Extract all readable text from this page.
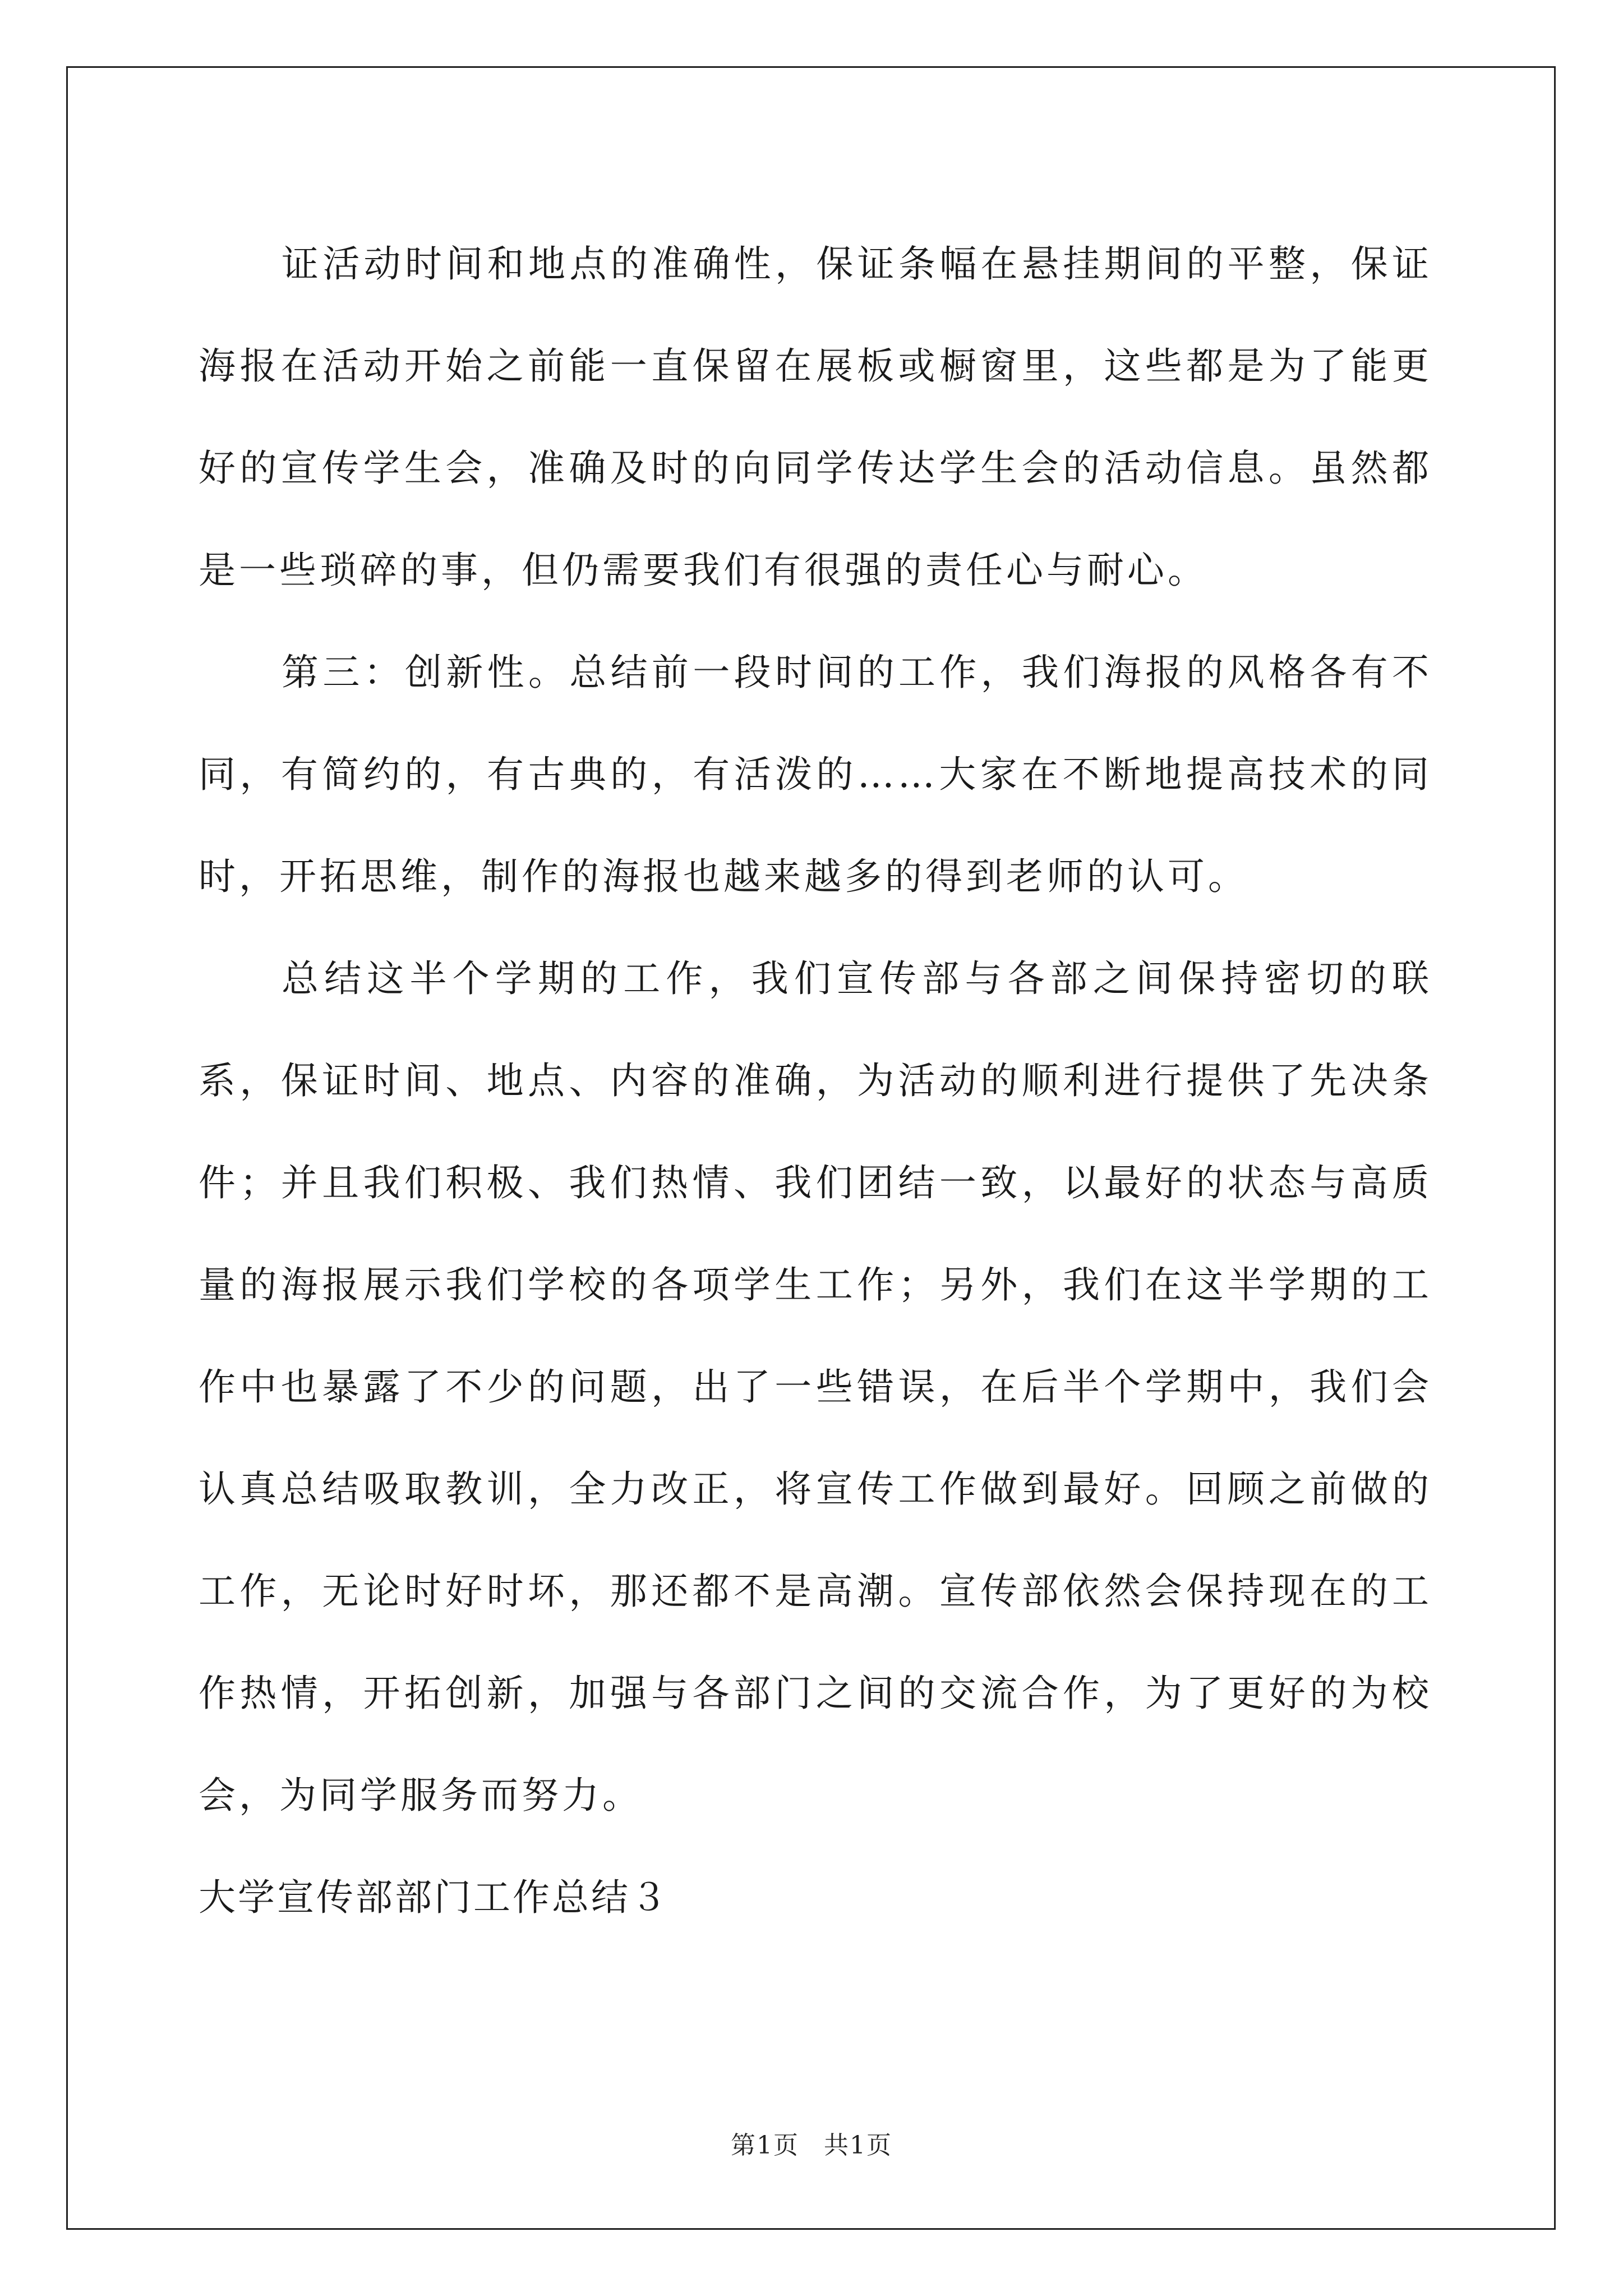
证活动时间和地点的准确性，保证条幅在悬挂期间的平整，保证海报在活动开始之前能一直保留在展板或橱窗里，这些都是为了能更好的宣传学生会，准确及时的向同学传达学生会的活动信息。虽然都是一些琐碎的事，但仍需要我们有很强的责任心与耐心。

第三：创新性。总结前一段时间的工作，我们海报的风格各有不同，有简约的，有古典的，有活泼的……大家在不断地提高技术的同时，开拓思维，制作的海报也越来越多的得到老师的认可。

总结这半个学期的工作，我们宣传部与各部之间保持密切的联系，保证时间、地点、内容的准确，为活动的顺利进行提供了先决条件；并且我们积极、我们热情、我们团结一致，以最好的状态与高质量的海报展示我们学校的各项学生工作；另外，我们在这半学期的工作中也暴露了不少的问题，出了一些错误，在后半个学期中，我们会认真总结吸取教训，全力改正，将宣传工作做到最好。回顾之前做的工作，无论时好时坏，那还都不是高潮。宣传部依然会保持现在的工作热情，开拓创新，加强与各部门之间的交流合作，为了更好的为校会，为同学服务而努力。

大学宣传部部门工作总结３

第1页 共1页
